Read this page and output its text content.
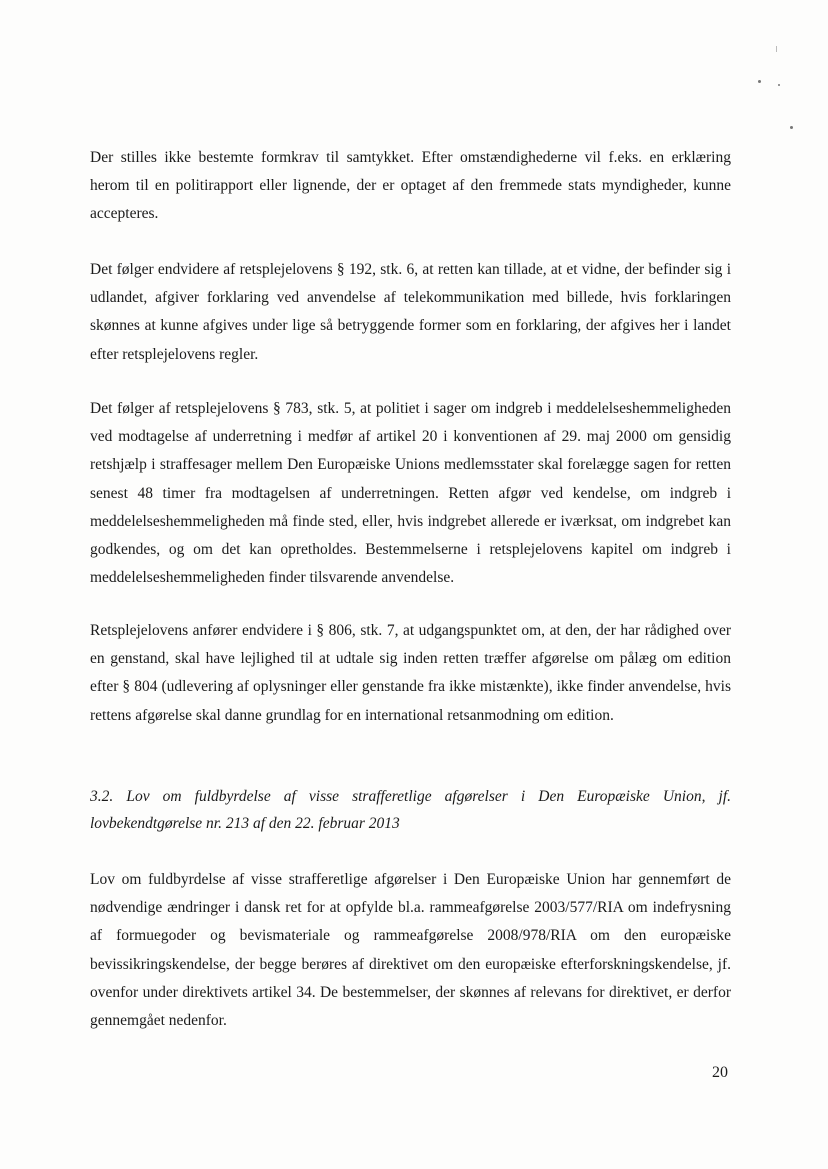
Der stilles ikke bestemte formkrav til samtykket. Efter omstændighederne vil f.eks. en erklæring herom til en politirapport eller lignende, der er optaget af den fremmede stats myndigheder, kunne accepteres.

Det følger endvidere af retsplejelovens § 192, stk. 6, at retten kan tillade, at et vidne, der befinder sig i udlandet, afgiver forklaring ved anvendelse af telekommunikation med billede, hvis forklaringen skønnes at kunne afgives under lige så betryggende former som en forklaring, der afgives her i landet efter retsplejelovens regler.

Det følger af retsplejelovens § 783, stk. 5, at politiet i sager om indgreb i meddelelseshemmeligheden ved modtagelse af underretning i medfør af artikel 20 i konventionen af 29. maj 2000 om gensidig retshjælp i straffesager mellem Den Europæiske Unions medlemsstater skal forelægge sagen for retten senest 48 timer fra modtagelsen af underretningen. Retten afgør ved kendelse, om indgreb i meddelelseshemmeligheden må finde sted, eller, hvis indgrebet allerede er iværksat, om indgrebet kan godkendes, og om det kan opretholdes. Bestemmelserne i retsplejelovens kapitel om indgreb i meddelelseshemmeligheden finder tilsvarende anvendelse.

Retsplejelovens anfører endvidere i § 806, stk. 7, at udgangspunktet om, at den, der har rådighed over en genstand, skal have lejlighed til at udtale sig inden retten træffer afgørelse om pålæg om edition efter § 804 (udlevering af oplysninger eller genstande fra ikke mistænkte), ikke finder anvendelse, hvis rettens afgørelse skal danne grundlag for en international retsanmodning om edition.

3.2. Lov om fuldbyrdelse af visse strafferetlige afgørelser i Den Europæiske Union, jf. lovbekendtgørelse nr. 213 af den 22. februar 2013

Lov om fuldbyrdelse af visse strafferetlige afgørelser i Den Europæiske Union har gennemført de nødvendige ændringer i dansk ret for at opfylde bl.a. rammeafgørelse 2003/577/RIA om indefrysning af formuegoder og bevismateriale og rammeafgørelse 2008/978/RIA om den europæiske bevissikringskendelse, der begge berøres af direktivet om den europæiske efterforskningskendelse, jf. ovenfor under direktivets artikel 34. De bestemmelser, der skønnes af relevans for direktivet, er derfor gennemgået nedenfor.

20
